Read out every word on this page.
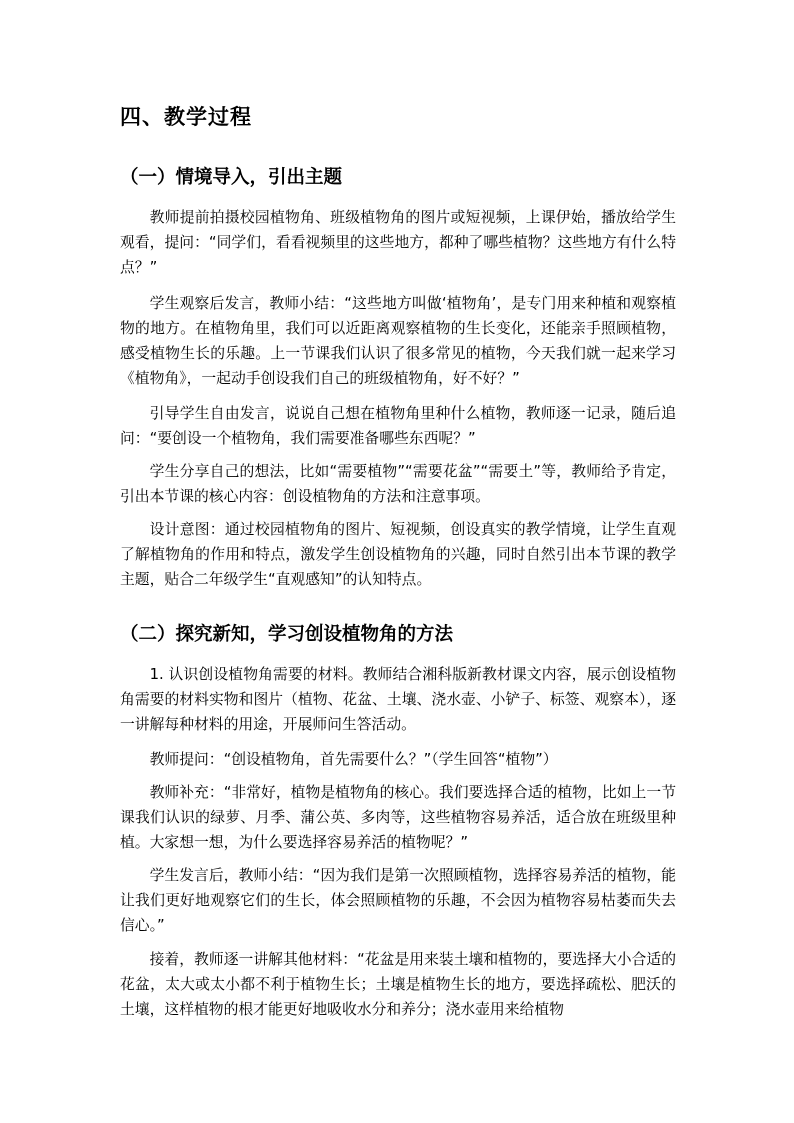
四、教学过程
（一）情境导入，引出主题

教师提前拍摄校园植物角、班级植物角的图片或短视频，上课伊始，播放给学生观看，提问：“同学们，看看视频里的这些地方，都种了哪些植物？这些地方有什么特点？”

学生观察后发言，教师小结：“这些地方叫做‘植物角’，是专门用来种植和观察植物的地方。在植物角里，我们可以近距离观察植物的生长变化，还能亲手照顾植物，感受植物生长的乐趣。上一节课我们认识了很多常见的植物，今天我们就一起来学习《植物角》，一起动手创设我们自己的班级植物角，好不好？”

引导学生自由发言，说说自己想在植物角里种什么植物，教师逐一记录，随后追问：“要创设一个植物角，我们需要准备哪些东西呢？”

学生分享自己的想法，比如“需要植物”“需要花盆”“需要土”等，教师给予肯定，引出本节课的核心内容：创设植物角的方法和注意事项。

设计意图：通过校园植物角的图片、短视频，创设真实的教学情境，让学生直观了解植物角的作用和特点，激发学生创设植物角的兴趣，同时自然引出本节课的教学主题，贴合二年级学生“直观感知”的认知特点。

（二）探究新知，学习创设植物角的方法

1. 认识创设植物角需要的材料。教师结合湘科版新教材课文内容，展示创设植物角需要的材料实物和图片（植物、花盆、土壤、浇水壶、小铲子、标签、观察本），逐一讲解每种材料的用途，开展师问生答活动。

教师提问：“创设植物角，首先需要什么？”（学生回答“植物”）

教师补充：“非常好，植物是植物角的核心。我们要选择合适的植物，比如上一节课我们认识的绿萝、月季、蒲公英、多肉等，这些植物容易养活，适合放在班级里种植。大家想一想，为什么要选择容易养活的植物呢？”

学生发言后，教师小结：“因为我们是第一次照顾植物，选择容易养活的植物，能让我们更好地观察它们的生长，体会照顾植物的乐趣，不会因为植物容易枯萎而失去信心。”

接着，教师逐一讲解其他材料：“花盆是用来装土壤和植物的，要选择大小合适的花盆，太大或太小都不利于植物生长；土壤是植物生长的地方，要选择疏松、肥沃的土壤，这样植物的根才能更好地吸收水分和养分；浇水壶用来给植物
